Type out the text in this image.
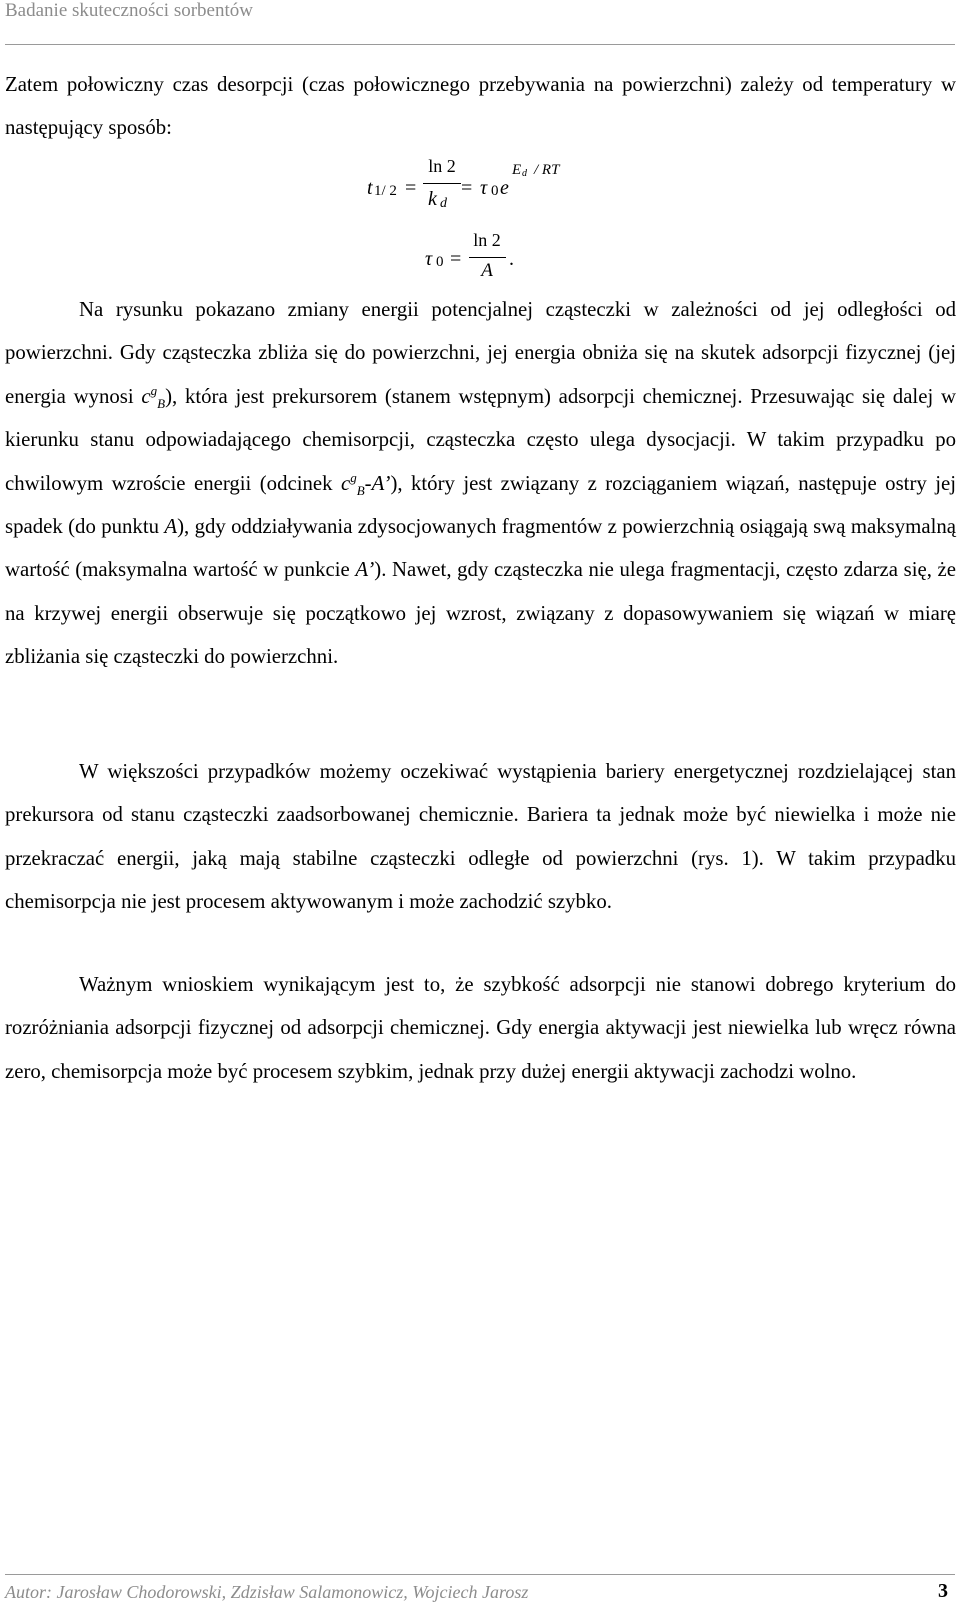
Badanie skuteczności sorbentów

Zatem połowiczny czas desorpcji (czas połowicznego przebywania na powierzchni) zależy od temperatury w następujący sposób:

t 1/ 2 =
ln 2
k d
= τ 0 e
E d / RT
τ 0 =
ln 2
A
.

Na rysunku pokazano zmiany energii potencjalnej cząsteczki w zależności od jej odległości od powierzchni. Gdy cząsteczka zbliża się do powierzchni, jej energia obniża się na skutek adsorpcji fizycznej (jej energia wynosi $c^g_B$), która jest prekursorem (stanem wstępnym) adsorpcji chemicznej. Przesuwając się dalej w kierunku stanu odpowiadającego chemisorpcji, cząsteczka często ulega dysocjacji. W takim przypadku po chwilowym wzroście energii (odcinek $c^g_B-A$’), który jest związany z rozciąganiem wiązań, następuje ostry jej spadek (do punktu A), gdy oddziaływania zdysocjowanych fragmentów z powierzchnią osiągają swą maksymalną wartość (maksymalna wartość w punkcie A’). Nawet, gdy cząsteczka nie ulega fragmentacji, często zdarza się, że na krzywej energii obserwuje się początkowo jej wzrost, związany z dopasowywaniem się wiązań w miarę zbliżania się cząsteczki do powierzchni.

W większości przypadków możemy oczekiwać wystąpienia bariery energetycznej rozdzielającej stan prekursora od stanu cząsteczki zaadsorbowanej chemicznie. Bariera ta jednak może być niewielka i może nie przekraczać energii, jaką mają stabilne cząsteczki odległe od powierzchni (rys. 1). W takim przypadku chemisorpcja nie jest procesem aktywowanym i może zachodzić szybko.

Ważnym wnioskiem wynikającym jest to, że szybkość adsorpcji nie stanowi dobrego kryterium do rozróżniania adsorpcji fizycznej od adsorpcji chemicznej. Gdy energia aktywacji jest niewielka lub wręcz równa zero, chemisorpcja może być procesem szybkim, jednak przy dużej energii aktywacji zachodzi wolno.

Autor: Jarosław Chodorowski, Zdzisław Salamonowicz, Wojciech Jarosz	3
